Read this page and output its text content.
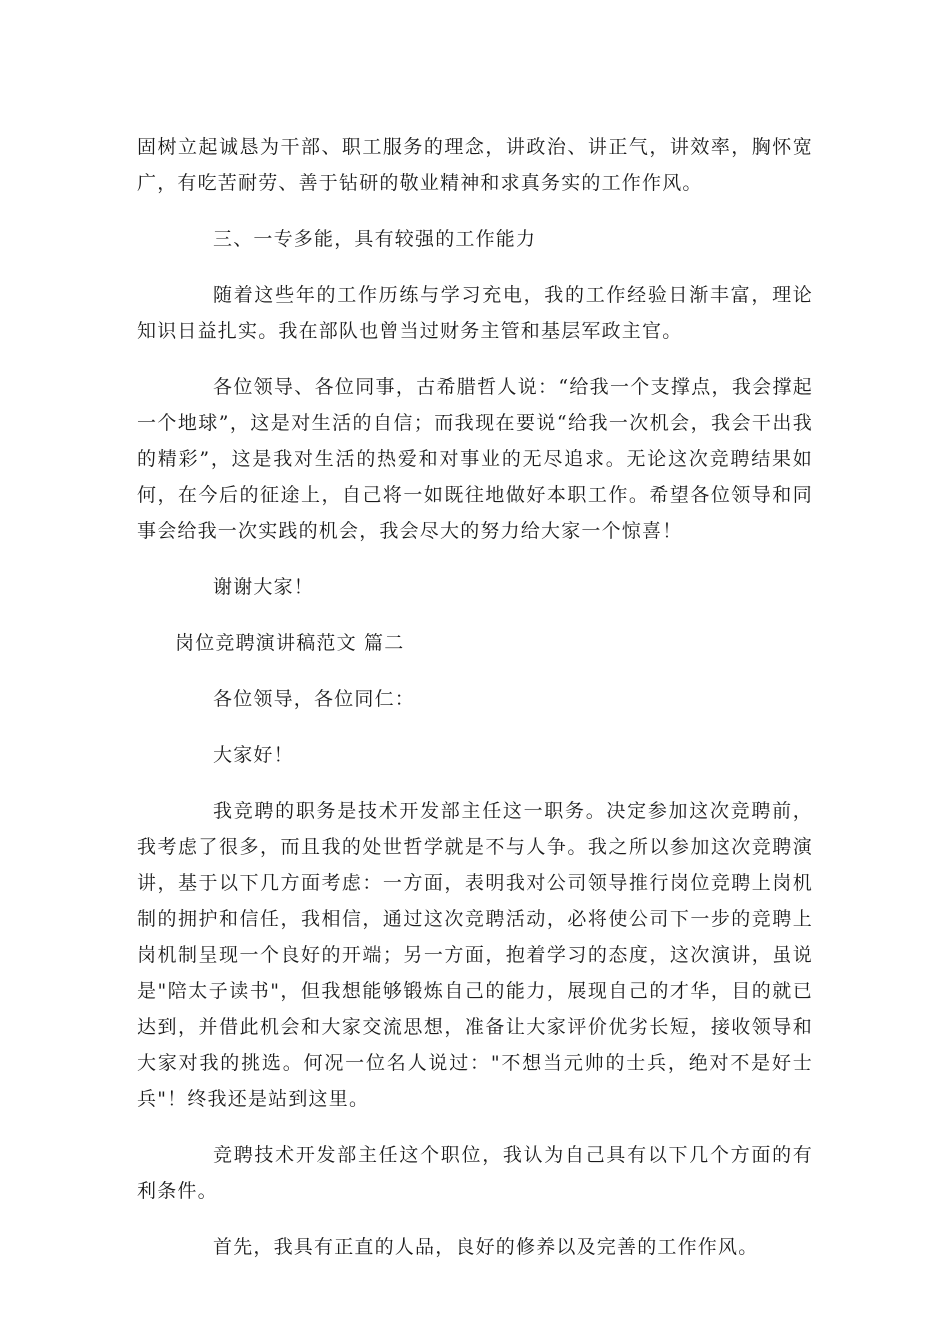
固树立起诚恳为干部、职工服务的理念，讲政治、讲正气，讲效率，胸怀宽广，有吃苦耐劳、善于钻研的敬业精神和求真务实的工作作风。

三、一专多能，具有较强的工作能力

随着这些年的工作历练与学习充电，我的工作经验日渐丰富，理论知识日益扎实。我在部队也曾当过财务主管和基层军政主官。

各位领导、各位同事，古希腊哲人说：“给我一个支撑点，我会撑起一个地球”，这是对生活的自信；而我现在要说“给我一次机会，我会干出我的精彩”，这是我对生活的热爱和对事业的无尽追求。无论这次竞聘结果如何，在今后的征途上，自己将一如既往地做好本职工作。希望各位领导和同事会给我一次实践的机会，我会尽大的努力给大家一个惊喜！

谢谢大家！

岗位竞聘演讲稿范文 篇二

各位领导，各位同仁：

大家好！

我竞聘的职务是技术开发部主任这一职务。决定参加这次竞聘前，我考虑了很多，而且我的处世哲学就是不与人争。我之所以参加这次竞聘演讲，基于以下几方面考虑：一方面，表明我对公司领导推行岗位竞聘上岗机制的拥护和信任，我相信，通过这次竞聘活动，必将使公司下一步的竞聘上岗机制呈现一个良好的开端；另一方面，抱着学习的态度，这次演讲，虽说是"陪太子读书"，但我想能够锻炼自己的能力，展现自己的才华，目的就已达到，并借此机会和大家交流思想，准备让大家评价优劣长短，接收领导和大家对我的挑选。何况一位名人说过："不想当元帅的士兵，绝对不是好士兵"！终我还是站到这里。

竞聘技术开发部主任这个职位，我认为自己具有以下几个方面的有利条件。

首先，我具有正直的人品，良好的修养以及完善的工作作风。
